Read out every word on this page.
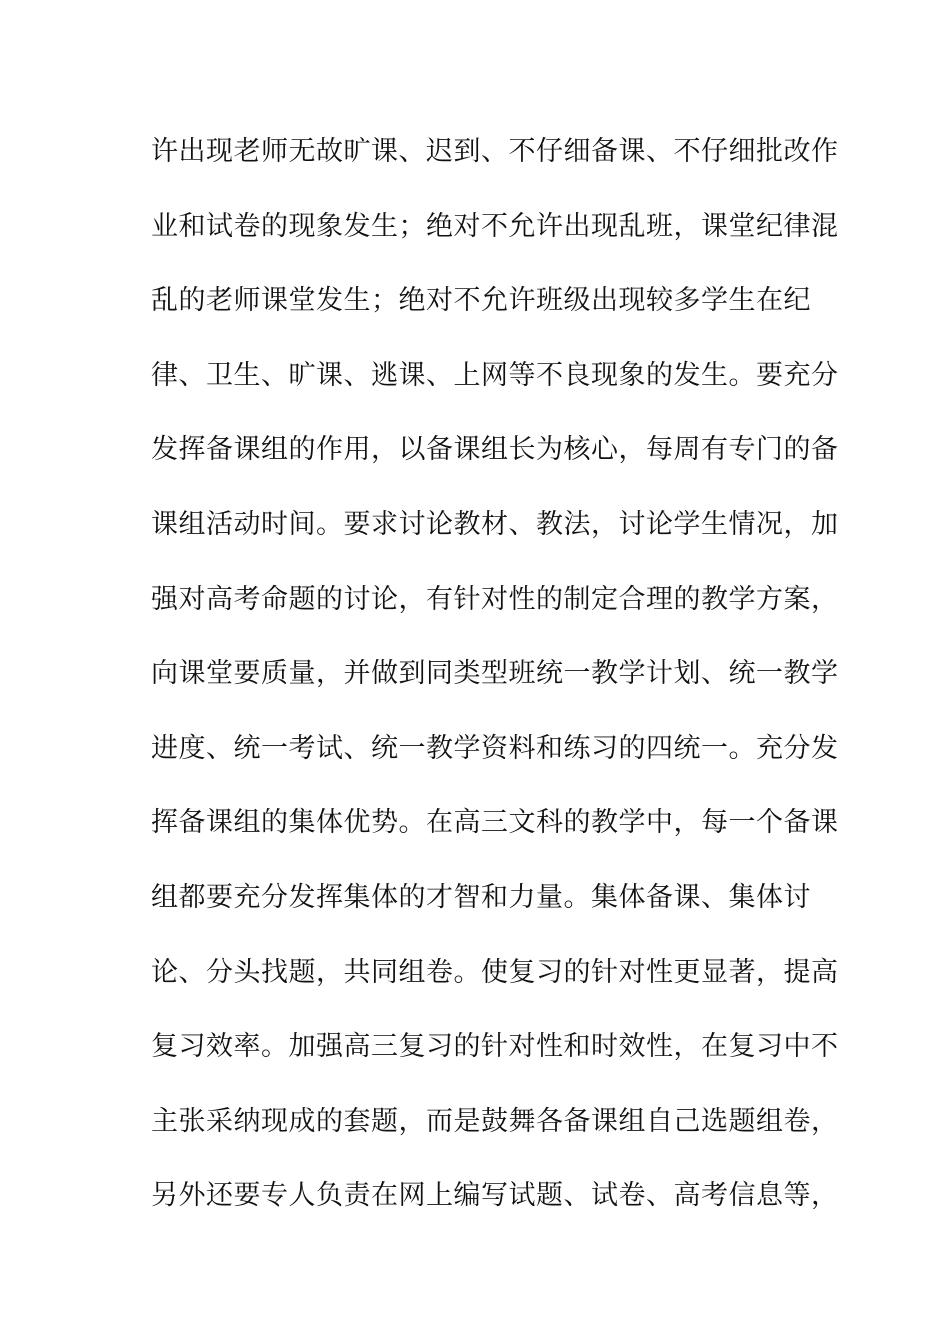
许出现老师无故旷课、迟到、不仔细备课、不仔细批改作
业和试卷的现象发生；绝对不允许出现乱班，课堂纪律混
乱的老师课堂发生；绝对不允许班级出现较多学生在纪
律、卫生、旷课、逃课、上网等不良现象的发生。要充分
发挥备课组的作用，以备课组长为核心，每周有专门的备
课组活动时间。要求讨论教材、教法，讨论学生情况，加
强对高考命题的讨论，有针对性的制定合理的教学方案，
向课堂要质量，并做到同类型班统一教学计划、统一教学
进度、统一考试、统一教学资料和练习的四统一。充分发
挥备课组的集体优势。在高三文科的教学中，每一个备课
组都要充分发挥集体的才智和力量。集体备课、集体讨
论、分头找题，共同组卷。使复习的针对性更显著，提高
复习效率。加强高三复习的针对性和时效性，在复习中不
主张采纳现成的套题，而是鼓舞各备课组自己选题组卷，
另外还要专人负责在网上编写试题、试卷、高考信息等，
